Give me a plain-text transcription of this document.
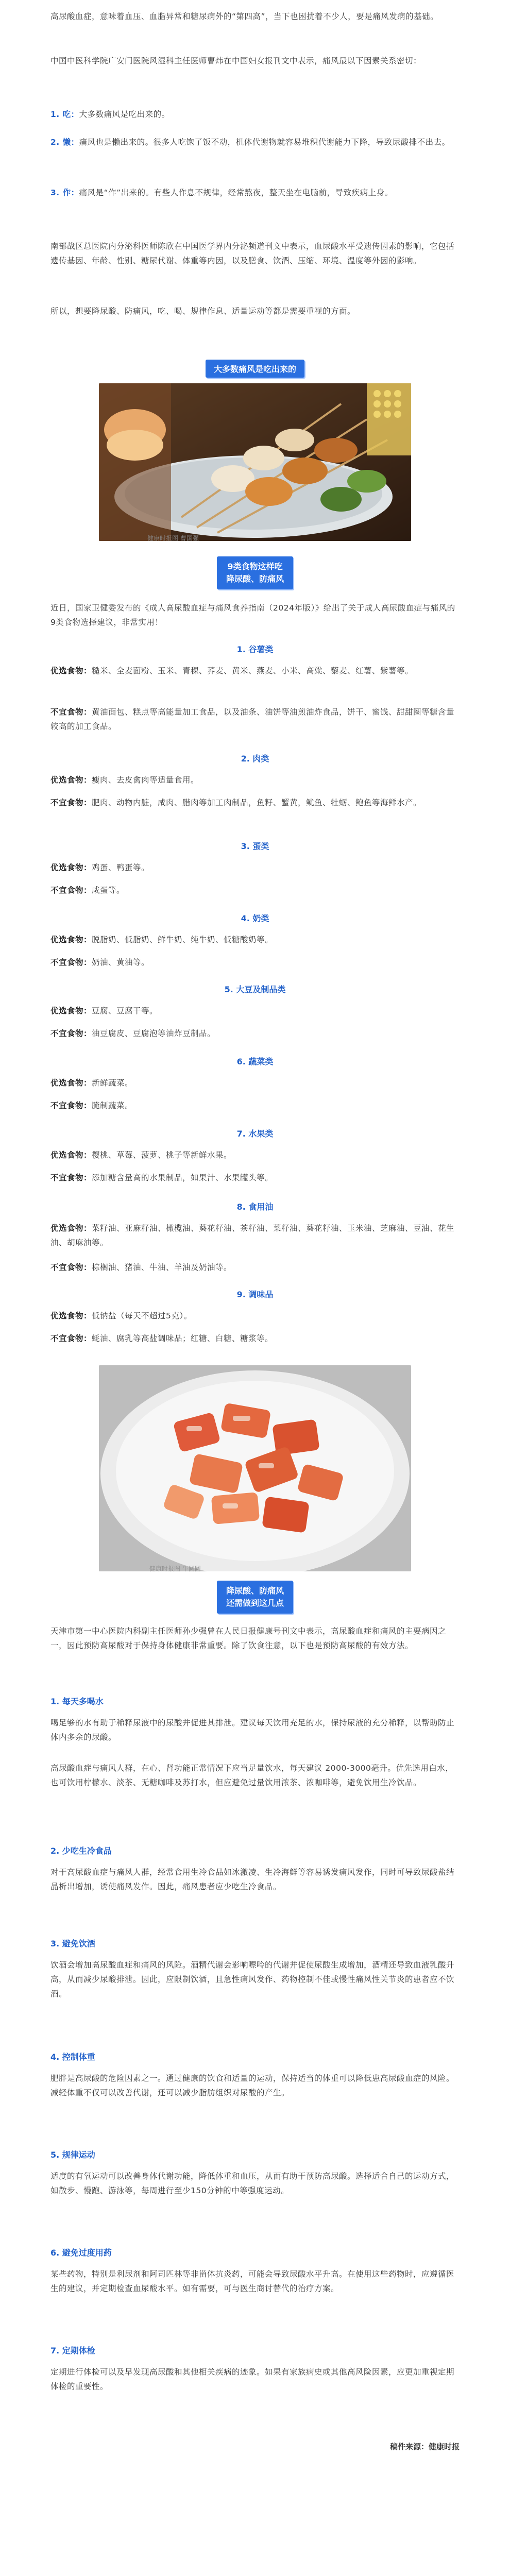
高尿酸血症，意味着血压、血脂异常和糖尿病外的“第四高”，当下也困扰着不少人，要是痛风发病的基础。

中国中医科学院广安门医院风湿科主任医师曹炜在中国妇女报刊文中表示，痛风最以下因素关系密切：

1. 吃：大多数痛风是吃出来的。

2. 懒：痛风也是懒出来的。很多人吃饱了饭不动，机体代谢物就容易堆积代谢能力下降，导致尿酸排不出去。

3. 作：痛风是“作”出来的。有些人作息不规律，经常熬夜，整天坐在电脑前，导致疾病上身。

南部战区总医院内分泌科医师陈欣在中国医学界内分泌频道刊文中表示，血尿酸水平受遗传因素的影响，它包括遗传基因、年龄、性别、糖尿代谢、体重等内因，以及膳食、饮酒、压缩、环境、温度等外因的影响。

所以，想要降尿酸、防痛风，吃、喝、规律作息、适量运动等都是需要重视的方面。

大多数痛风是吃出来的
健康时报图 曹国强
9类食物这样吃
降尿酸、防痛风

近日，国家卫健委发布的《成人高尿酸血症与痛风食养指南（2024年版）》给出了关于成人高尿酸血症与痛风的9类食物选择建议，非常实用！

1. 谷薯类

优选食物：糙米、全麦面粉、玉米、青稞、荞麦、黄米、燕麦、小米、高粱、藜麦、红薯、紫薯等。

不宜食物：黄油面包、糕点等高能量加工食品，以及油条、油饼等油煎油炸食品，饼干、蜜饯、甜甜圈等糖含量较高的加工食品。

2. 肉类

优选食物：瘦肉、去皮禽肉等适量食用。

不宜食物：肥肉、动物内脏，咸肉、腊肉等加工肉制品，鱼籽、蟹黄，鱿鱼、牡蛎、鲍鱼等海鲜水产。

3. 蛋类

优选食物：鸡蛋、鸭蛋等。

不宜食物：咸蛋等。

4. 奶类

优选食物：脱脂奶、低脂奶、鲜牛奶、纯牛奶、低糖酸奶等。

不宜食物：奶油、黄油等。

5. 大豆及制品类

优选食物：豆腐、豆腐干等。

不宜食物：油豆腐皮、豆腐泡等油炸豆制品。

6. 蔬菜类

优选食物：新鲜蔬菜。

不宜食物：腌制蔬菜。

7. 水果类

优选食物：樱桃、草莓、菠萝、桃子等新鲜水果。

不宜食物：添加糖含量高的水果制品，如果汁、水果罐头等。

8. 食用油

优选食物：菜籽油、亚麻籽油、橄榄油、葵花籽油、茶籽油、菜籽油、葵花籽油、玉米油、芝麻油、豆油、花生油、胡麻油等。

不宜食物：棕榈油、猪油、牛油、羊油及奶油等。

9. 调味品

优选食物：低钠盐（每天不超过5克）。

不宜食物：蚝油、腐乳等高盐调味品；红糖、白糖、糖浆等。

健康时报图 牛圆圆
降尿酸、防痛风
还需做到这几点

天津市第一中心医院内科副主任医师孙少强曾在人民日报健康号刊文中表示，高尿酸血症和痛风的主要病因之一，因此预防高尿酸对于保持身体健康非常重要。除了饮食注意，以下也是预防高尿酸的有效方法。

1. 每天多喝水

喝足够的水有助于稀释尿液中的尿酸并促进其排泄。建议每天饮用充足的水，保持尿液的充分稀释，以帮助防止体内多余的尿酸。

高尿酸血症与痛风人群，在心、肾功能正常情况下应当足量饮水，每天建议 2000-3000毫升。优先选用白水，也可饮用柠檬水、淡茶、无糖咖啡及苏打水，但应避免过量饮用浓茶、浓咖啡等，避免饮用生冷饮品。

2. 少吃生冷食品

对于高尿酸血症与痛风人群，经常食用生冷食品如冰激凌、生冷海鲜等容易诱发痛风发作，同时可导致尿酸盐结晶析出增加，诱使痛风发作。因此，痛风患者应少吃生冷食品。

3. 避免饮酒

饮酒会增加高尿酸血症和痛风的风险。酒精代谢会影响嘌呤的代谢并促使尿酸生成增加，酒精还导致血液乳酸升高，从而减少尿酸排泄。因此，应限制饮酒，且急性痛风发作、药物控制不佳或慢性痛风性关节炎的患者应不饮酒。

4. 控制体重

肥胖是高尿酸的危险因素之一。通过健康的饮食和适量的运动，保持适当的体重可以降低患高尿酸血症的风险。减轻体重不仅可以改善代谢，还可以减少脂肪组织对尿酸的产生。

5. 规律运动

适度的有氧运动可以改善身体代谢功能，降低体重和血压，从而有助于预防高尿酸。选择适合自己的运动方式，如散步、慢跑、游泳等，每周进行至少150分钟的中等强度运动。

6. 避免过度用药

某些药物，特别是利尿剂和阿司匹林等非甾体抗炎药，可能会导致尿酸水平升高。在使用这些药物时，应遵循医生的建议，并定期检查血尿酸水平。如有需要，可与医生商讨替代的治疗方案。

7. 定期体检

定期进行体检可以及早发现高尿酸和其他相关疾病的迹象。如果有家族病史或其他高风险因素，应更加重视定期体检的重要性。

稿件来源：健康时报
